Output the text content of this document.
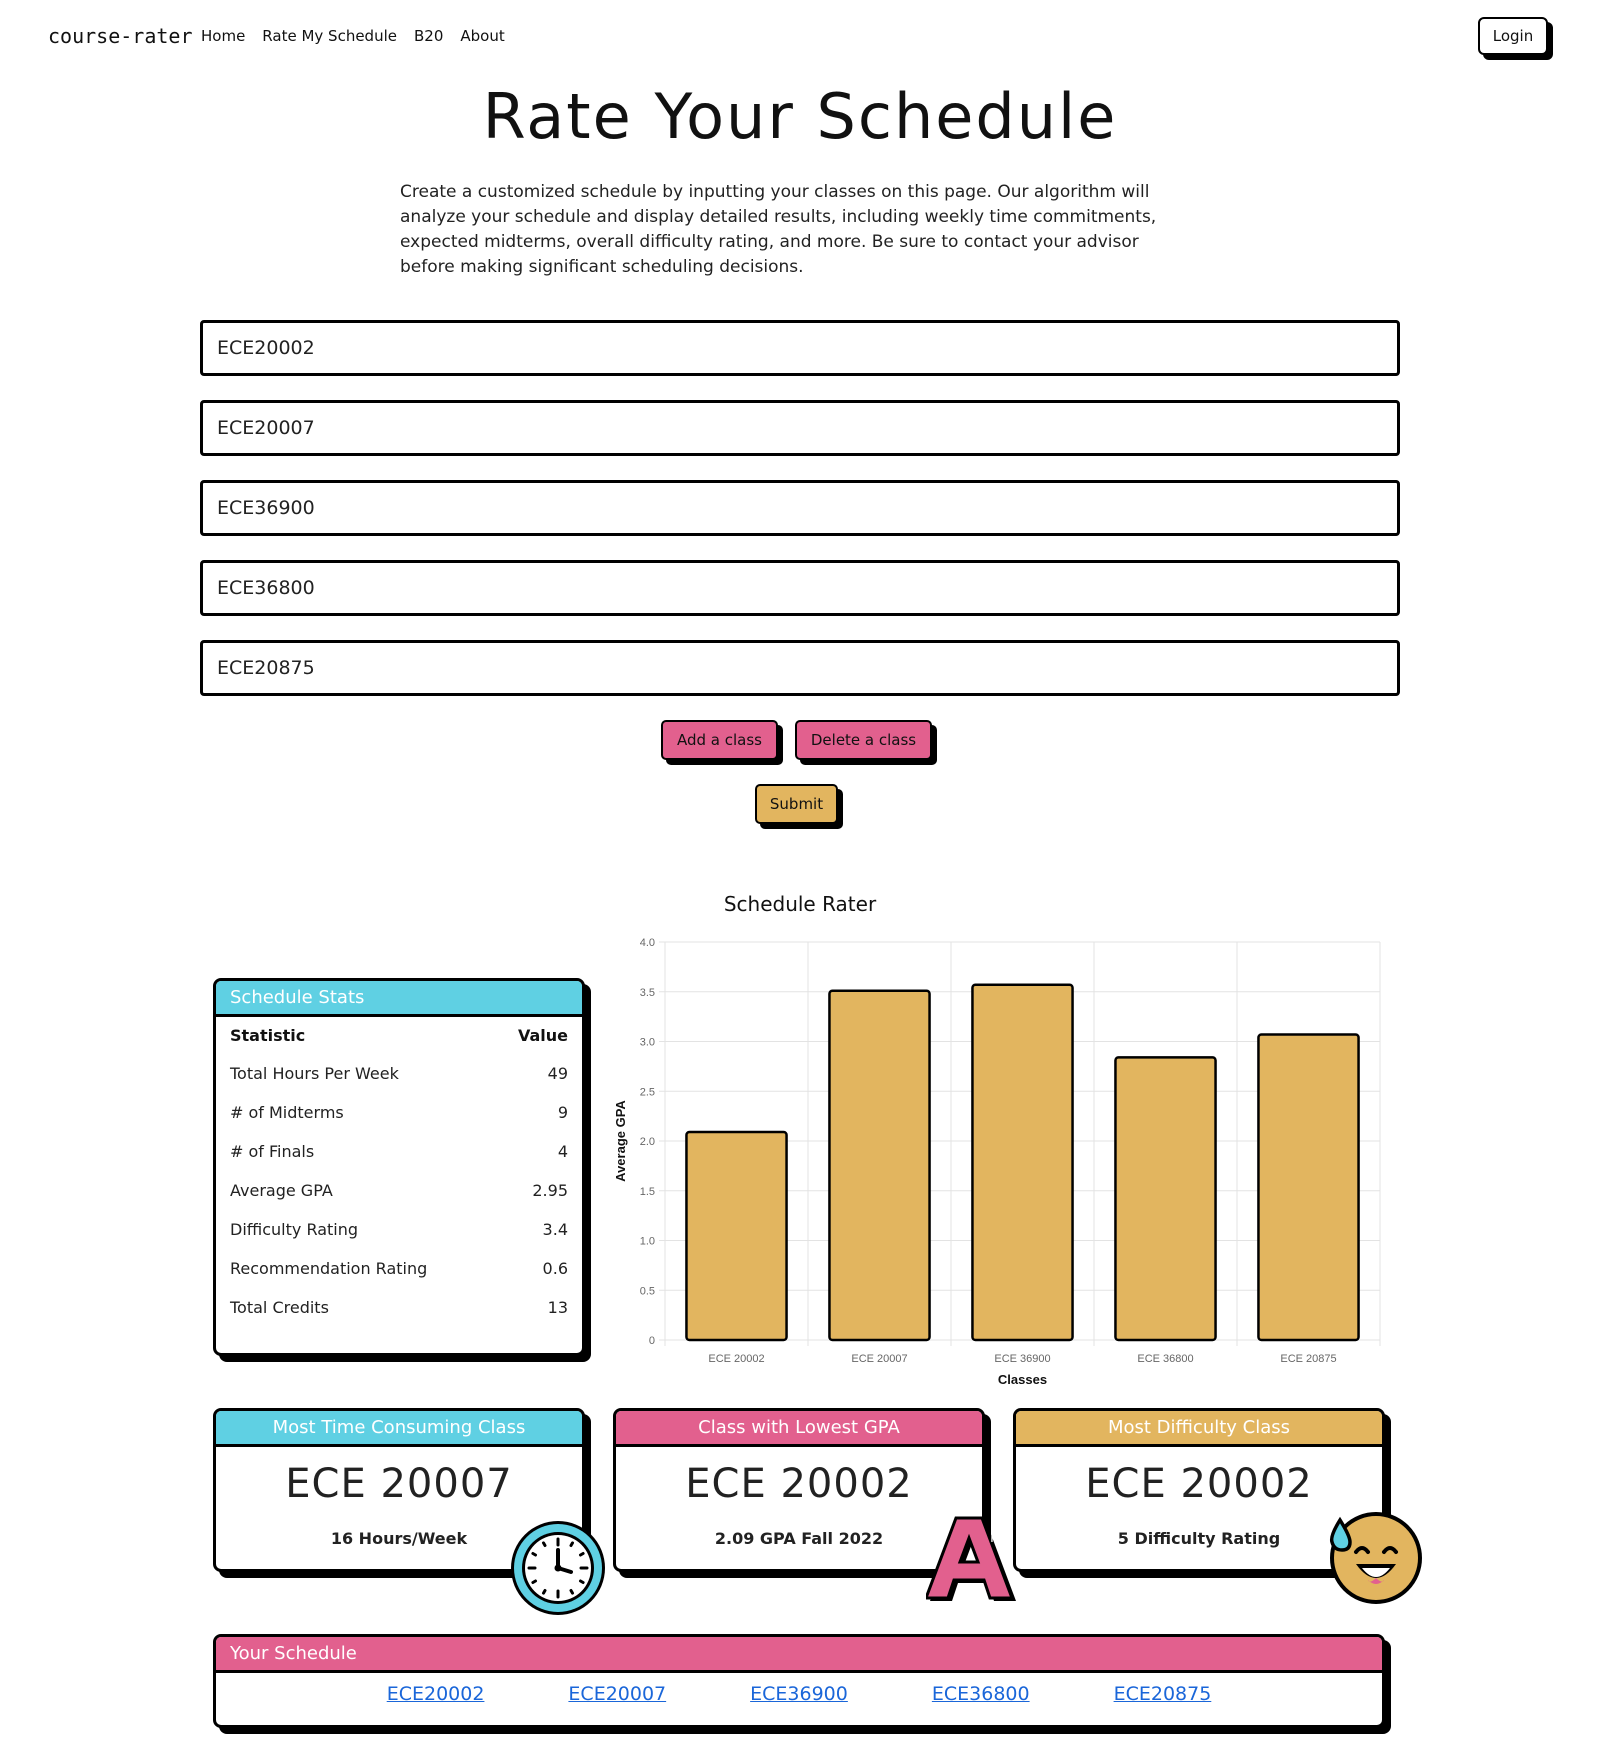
course-rater Home Rate My Schedule B20 About	Login
Rate Your Schedule

Create a customized schedule by inputting your classes on this page. Our algorithm will analyze your schedule and display detailed results, including weekly time commitments, expected midterms, overall difficulty rating, and more. Be sure to contact your advisor before making significant scheduling decisions.

ECE20002
ECE20007
ECE36900
ECE36800
ECE20875
Add a class	Delete a class
Submit
Schedule Rater
0
0.5
1.0
1.5
2.0
2.5
3.0
3.5
4.0
ECE 20002	ECE 20007	ECE 36900	ECE 36800	ECE 20875
Classes
Average GPA
Schedule Stats
Statistic	Value
Total Hours Per Week	49
# of Midterms	9
# of Finals	4
Average GPA	2.95
Difficulty Rating	3.4
Recommendation Rating	0.6
Total Credits	13
Most Time Consuming Class
ECE 20007
16 Hours/Week
Class with Lowest GPA
ECE 20002
2.09 GPA Fall 2022
Most Difficulty Class
ECE 20002
5 Difficulty Rating
i
Your Schedule
ECE20002	ECE20007	ECE36900	ECE36800	ECE20875
